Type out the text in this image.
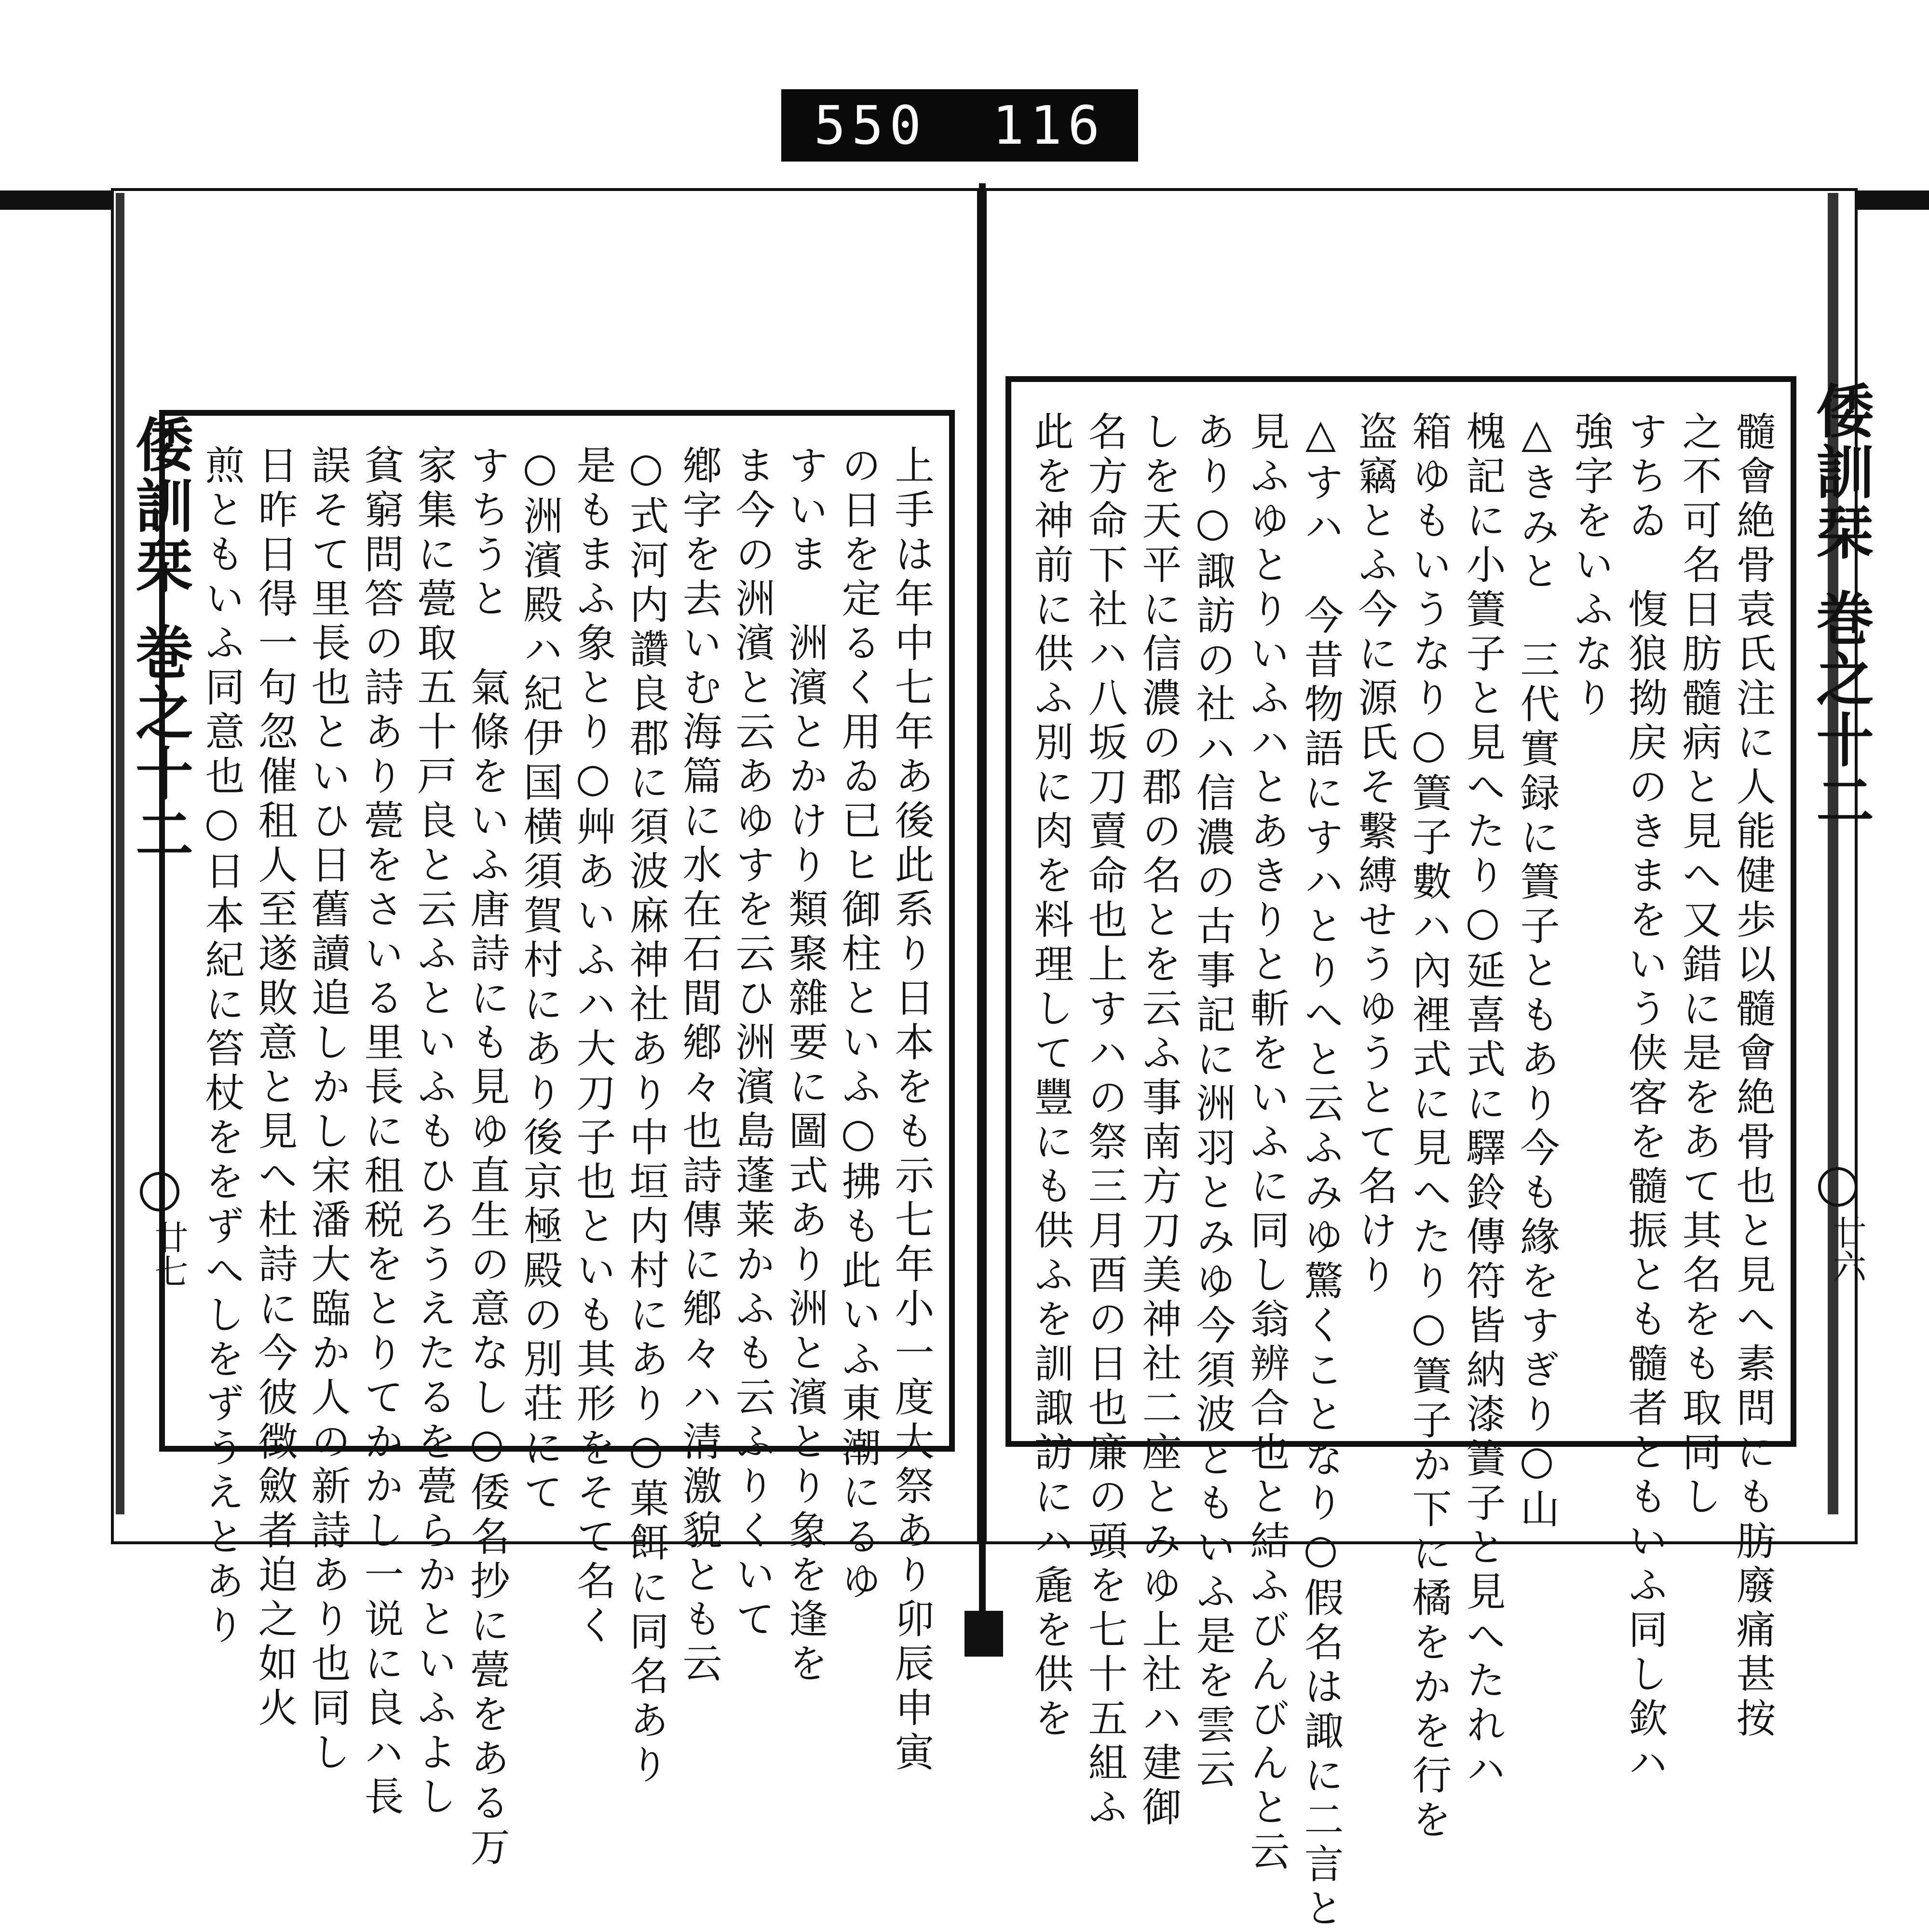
550 116
上手は年中七年あ後此系り日本をも示七年小一度大祭あり卯辰申寅
の日を定るく用ゐ已ヒ御柱といふ○拂も此いふ東潮にるゆ
すいま　洲濱とかけり類聚雜要に圖式あり洲と濱とり象を逢を
ま今の洲濱と云あゆすを云ひ洲濱島蓬莱かふも云ふりくいて
鄕字を去いむ海篇に水在石間鄕々也詩傳に鄕々ハ清激貌とも云
○式河内讚良郡に須波麻神社あり中垣内村にあり○菓餌に同名あり
是もまふ象とり○艸あいふハ大刀子也といも其形をそて名く
○洲濱殿ハ紀伊国横須賀村にあり後京極殿の別荘にて
すちうと　氣條をいふ唐詩にも見ゆ直生の意なし○倭名抄に甍をある万
家集に甍取五十戸良と云ふといふもひろうえたるを甍らかといふよし
貧窮問答の詩あり甍をさいる里長に租税をとりてかかし一说に良ハ長
誤そて里長也といひ日舊讀追しかし宋潘大臨か人の新詩あり也同し
日昨日得一句忽催租人至遂敗意と見へ杜詩に今彼徴斂者迫之如火
煎ともいふ同意也○日本紀に笞杖ををずへしをずうえとあり
倭訓栞
巻之十二
廿七	髓會絶骨袁氏注に人能健歩以髓會絶骨也と見へ素問にも肪廢痛甚按
之不可名日肪髓病と見へ又錯に是をあて其名をも取同し
すちゐ　愎狼拗戻のきまをいう侠客を髓振とも髓者ともいふ同し欽ハ
強字をいふなり
△きみと　三代實録に簀子ともあり今も緣をすぎり○山
槐記に小簀子と見へたり○延喜式に驛鈴傳符皆納漆簀子と見へたれハ
箱ゆもいうなり○簀子數ハ內裡式に見へたり○簀子か下に橘をかを行を
盗竊とふ今に源氏そ繫縛せうゆうとて名けり
△すハ　今昔物語にすハとりへと云ふみゆ驚くことなり○假名は諏に二言と
見ふゆとりいふハとあきりと斬をいふに同し翁辨合也と結ふびんびんと云
あり○諏訪の社ハ信濃の古事記に洲羽とみゆ今須波ともいふ是を雲云
しを天平に信濃の郡の名とを云ふ事南方刀美神社二座とみゆ上社ハ建御
名方命下社ハ八坂刀賣命也上すハの祭三月酉の日也廉の頭を七十五組ふ
此を神前に供ふ別に肉を料理して豐にも供ふを訓諏訪にハ麁を供を	倭訓栞
巻之十二
廿六
